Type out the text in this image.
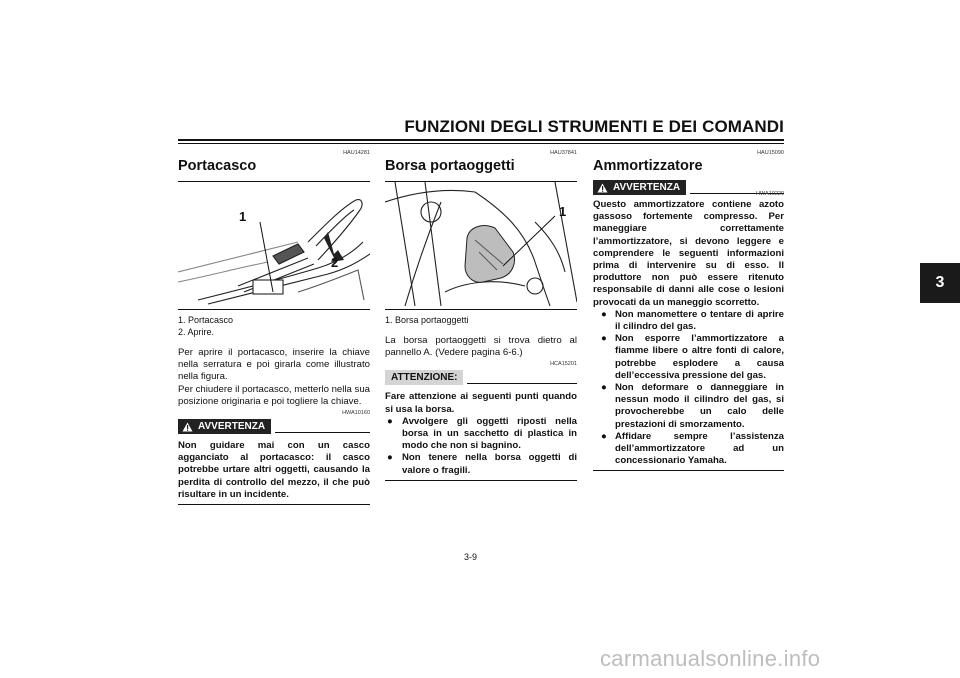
FUNZIONI DEGLI STRUMENTI E DEI COMANDI
3
HAU14281
Portacasco
1
2
1. Portacasco
2. Aprire.
Per aprire il portacasco, inserire la chiave nella serratura e poi girarla come illustrato nella figura.
Per chiudere il portacasco, metterlo nella sua posizione originaria e poi togliere la chiave.
HWA10160
AVVERTENZA
Non guidare mai con un casco agganciato al portacasco: il casco potrebbe urtare altri oggetti, causando la perdita di controllo del mezzo, il che può risultare in un incidente.
HAU37841
Borsa portaoggetti
1
1. Borsa portaoggetti
La borsa portaoggetti si trova dietro al pannello A. (Vedere pagina 6-6.)
HCA15201
ATTENZIONE:
Fare attenzione ai seguenti punti quando si usa la borsa.
● Avvolgere gli oggetti riposti nella borsa in un sacchetto di plastica in modo che non si bagnino.
● Non tenere nella borsa oggetti di valore o fragili.
HAU15090
Ammortizzatore
AVVERTENZA
HWA10220
Questo ammortizzatore contiene azoto gassoso fortemente compresso. Per maneggiare correttamente l’ammortizzatore, si devono leggere e comprendere le seguenti informazioni prima di intervenire su di esso. Il produttore non può essere ritenuto responsabile di danni alle cose o lesioni provocati da un maneggio scorretto.
● Non manomettere o tentare di aprire il cilindro del gas.
● Non esporre l’ammortizzatore a fiamme libere o altre fonti di calore, potrebbe esplodere a causa dell’eccessiva pressione del gas.
● Non deformare o danneggiare in nessun modo il cilindro del gas, si provocherebbe un calo delle prestazioni di smorzamento.
● Affidare sempre l’assistenza dell’ammortizzatore ad un concessionario Yamaha.
3-9
carmanualsonline.info
